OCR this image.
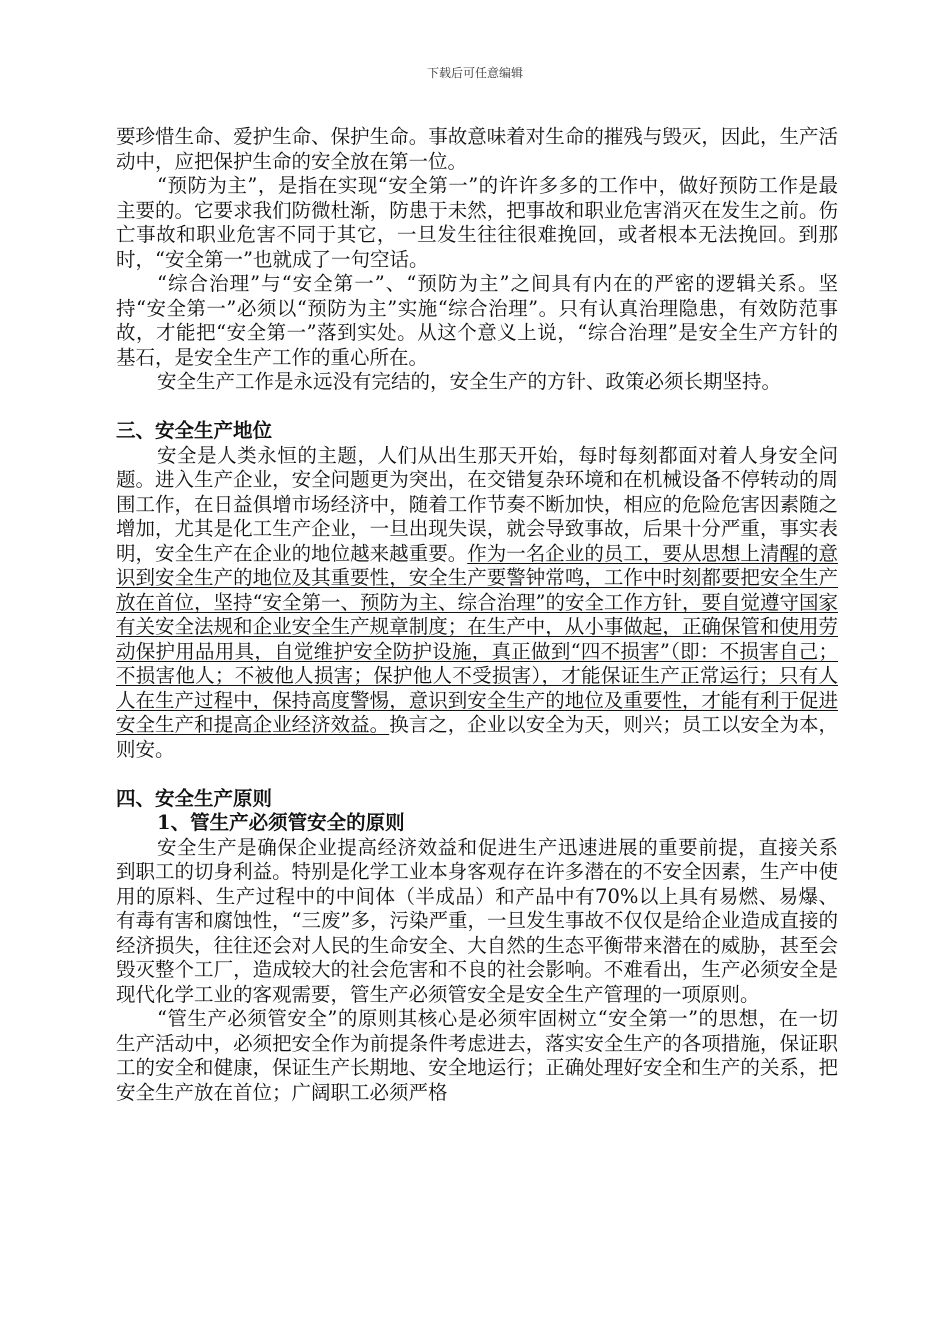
下载后可任意编辑

要珍惜生命、爱护生命、保护生命。事故意味着对生命的摧残与毁灭，因此，生产活动中，应把保护生命的安全放在第一位。

“预防为主”，是指在实现“安全第一”的许许多多的工作中，做好预防工作是最主要的。它要求我们防微杜渐，防患于未然，把事故和职业危害消灭在发生之前。伤亡事故和职业危害不同于其它，一旦发生往往很难挽回，或者根本无法挽回。到那时，“安全第一”也就成了一句空话。

“综合治理”与“安全第一”、“预防为主”之间具有内在的严密的逻辑关系。坚持“安全第一”必须以“预防为主”实施“综合治理”。只有认真治理隐患，有效防范事故，才能把“安全第一”落到实处。从这个意义上说，“综合治理”是安全生产方针的基石，是安全生产工作的重心所在。

安全生产工作是永远没有完结的，安全生产的方针、政策必须长期坚持。

三、安全生产地位

安全是人类永恒的主题，人们从出生那天开始，每时每刻都面对着人身安全问题。进入生产企业，安全问题更为突出，在交错复杂环境和在机械设备不停转动的周围工作，在日益俱增市场经济中，随着工作节奏不断加快，相应的危险危害因素随之增加，尤其是化工生产企业，一旦出现失误，就会导致事故，后果十分严重，事实表明，安全生产在企业的地位越来越重要。作为一名企业的员工，要从思想上清醒的意识到安全生产的地位及其重要性，安全生产要警钟常鸣，工作中时刻都要把安全生产放在首位，坚持“安全第一、预防为主、综合治理”的安全工作方针，要自觉遵守国家有关安全法规和企业安全生产规章制度；在生产中，从小事做起，正确保管和使用劳动保护用品用具，自觉维护安全防护设施，真正做到“四不损害”（即：不损害自己；不损害他人；不被他人损害；保护他人不受损害），才能保证生产正常运行；只有人人在生产过程中，保持高度警惕，意识到安全生产的地位及重要性，才能有利于促进安全生产和提高企业经济效益。换言之，企业以安全为天，则兴；员工以安全为本，则安。

四、安全生产原则
1、管生产必须管安全的原则

安全生产是确保企业提高经济效益和促进生产迅速进展的重要前提，直接关系到职工的切身利益。特别是化学工业本身客观存在许多潜在的不安全因素，生产中使用的原料、生产过程中的中间体（半成品）和产品中有70%以上具有易燃、易爆、有毒有害和腐蚀性，“三废”多，污染严重，一旦发生事故不仅仅是给企业造成直接的经济损失，往往还会对人民的生命安全、大自然的生态平衡带来潜在的威胁，甚至会毁灭整个工厂，造成较大的社会危害和不良的社会影响。不难看出，生产必须安全是现代化学工业的客观需要，管生产必须管安全是安全生产管理的一项原则。

“管生产必须管安全”的原则其核心是必须牢固树立“安全第一”的思想，在一切生产活动中，必须把安全作为前提条件考虑进去，落实安全生产的各项措施，保证职工的安全和健康，保证生产长期地、安全地运行；正确处理好安全和生产的关系，把安全生产放在首位；广阔职工必须严格
